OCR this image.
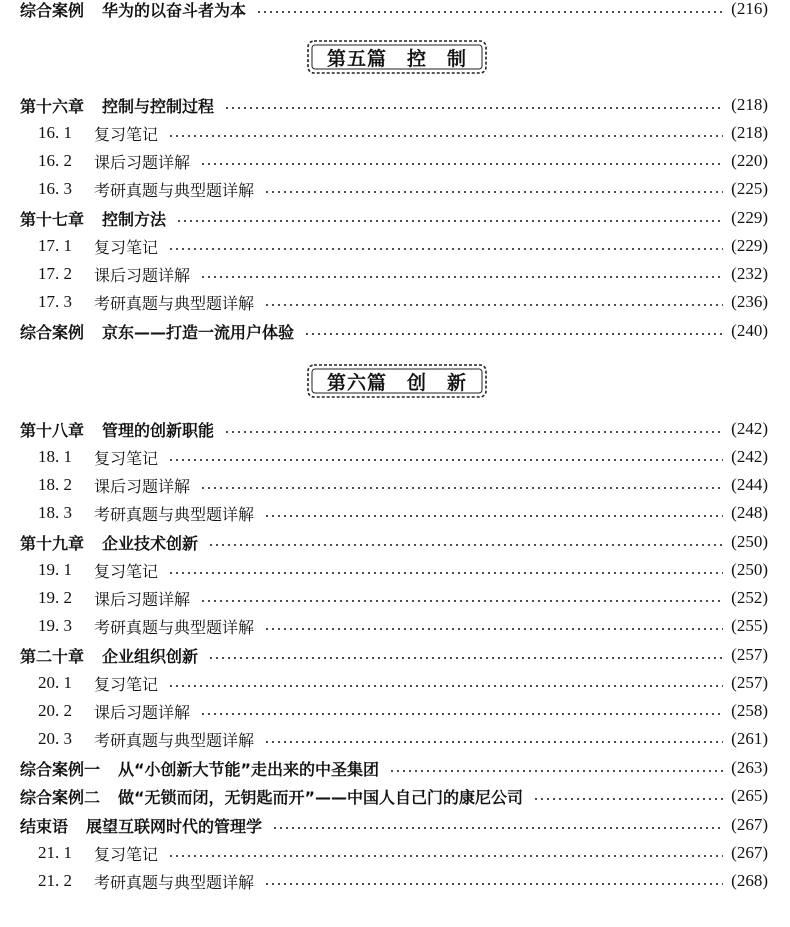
综合案例 华为的以奋斗者为本	(216)
第五篇　控　制
第十六章 控制与控制过程	(218)
16. 1	复习笔记	(218)
16. 2	课后习题详解	(220)
16. 3	考研真题与典型题详解	(225)
第十七章 控制方法	(229)
17. 1	复习笔记	(229)
17. 2	课后习题详解	(232)
17. 3	考研真题与典型题详解	(236)
综合案例 京东——打造一流用户体验	(240)
第六篇　创　新
第十八章 管理的创新职能	(242)
18. 1	复习笔记	(242)
18. 2	课后习题详解	(244)
18. 3	考研真题与典型题详解	(248)
第十九章 企业技术创新	(250)
19. 1	复习笔记	(250)
19. 2	课后习题详解	(252)
19. 3	考研真题与典型题详解	(255)
第二十章 企业组织创新	(257)
20. 1	复习笔记	(257)
20. 2	课后习题详解	(258)
20. 3	考研真题与典型题详解	(261)
综合案例一 从“小创新大节能”走出来的中圣集团	(263)
综合案例二 做“无锁而闭，无钥匙而开”——中国人自己门的康尼公司	(265)
结束语 展望互联网时代的管理学	(267)
21. 1	复习笔记	(267)
21. 2	考研真题与典型题详解	(268)
